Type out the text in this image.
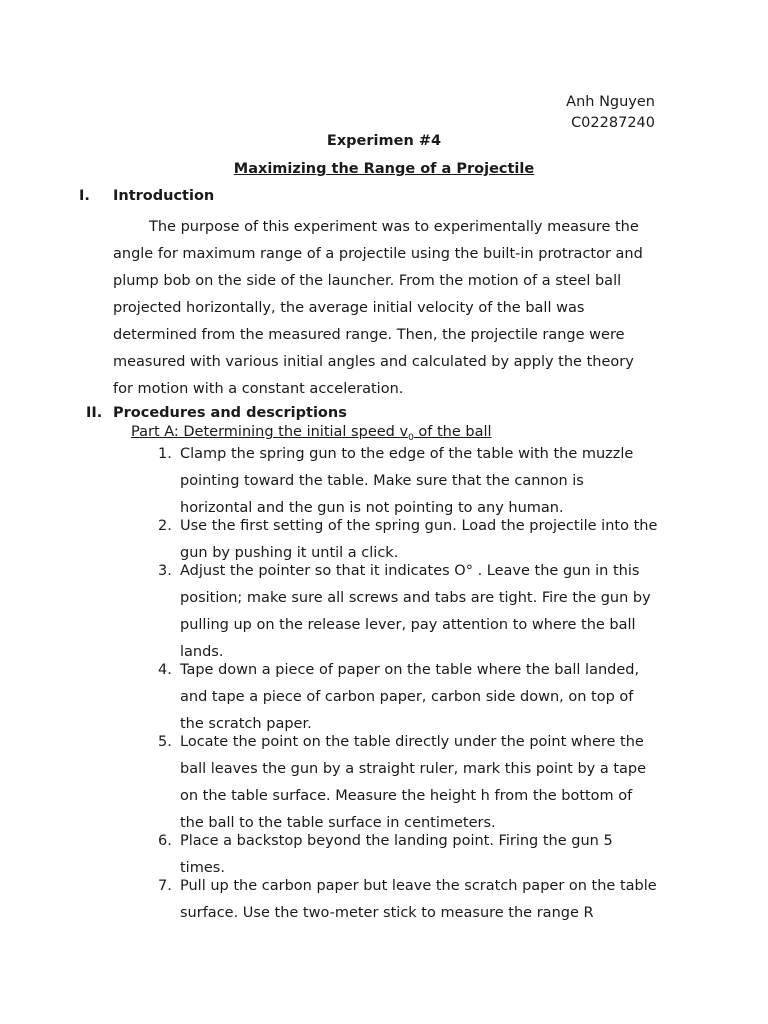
Anh Nguyen
C02287240
Experimen #4
Maximizing the Range of a Projectile
I. Introduction

The purpose of this experiment was to experimentally measure the angle for maximum range of a projectile using the built-in protractor and plump bob on the side of the launcher. From the motion of a steel ball projected horizontally, the average initial velocity of the ball was determined from the measured range. Then, the projectile range were measured with various initial angles and calculated by apply the theory for motion with a constant acceleration.

II. Procedures and descriptions
Part A: Determining the initial speed $v_0$ of the ball
1. Clamp the spring gun to the edge of the table with the muzzle pointing toward the table. Make sure that the cannon is horizontal and the gun is not pointing to any human.
2. Use the first setting of the spring gun. Load the projectile into the gun by pushing it until a click.
3. Adjust the pointer so that it indicates O° . Leave the gun in this position; make sure all screws and tabs are tight. Fire the gun by pulling up on the release lever, pay attention to where the ball lands.
4. Tape down a piece of paper on the table where the ball landed, and tape a piece of carbon paper, carbon side down, on top of the scratch paper.
5. Locate the point on the table directly under the point where the ball leaves the gun by a straight ruler, mark this point by a tape on the table surface. Measure the height h from the bottom of the ball to the table surface in centimeters.
6. Place a backstop beyond the landing point. Firing the gun 5 times.
7. Pull up the carbon paper but leave the scratch paper on the table surface. Use the two-meter stick to measure the range R
